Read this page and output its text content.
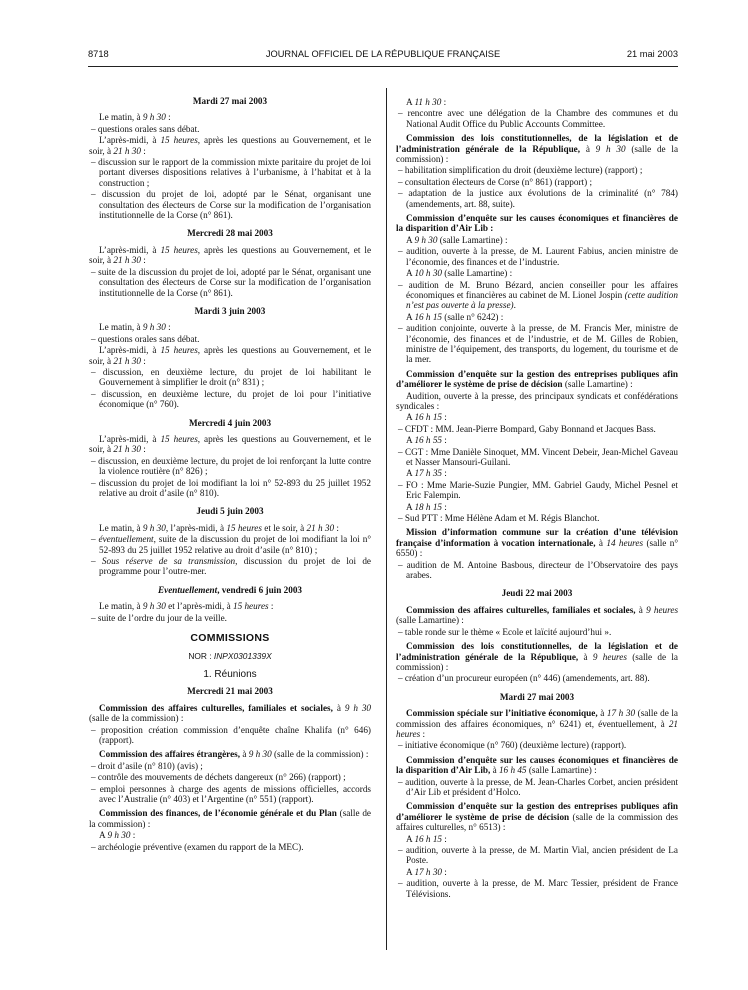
JOURNAL OFFICIEL DE LA RÉPUBLIQUE FRANÇAISE
8718	21 mai 2003
Mardi 27 mai 2003
Le matin, à 9 h 30 :
– questions orales sans débat.
L’après-midi, à 15 heures, après les questions au Gouvernement, et le soir, à 21 h 30 :
– discussion sur le rapport de la commission mixte paritaire du projet de loi portant diverses dispositions relatives à l’urbanisme, à l’habitat et à la construction ;
– discussion du projet de loi, adopté par le Sénat, organisant une consultation des électeurs de Corse sur la modification de l’organisation institutionnelle de la Corse (n° 861).
Mercredi 28 mai 2003
L’après-midi, à 15 heures, après les questions au Gouvernement, et le soir, à 21 h 30 :
– suite de la discussion du projet de loi, adopté par le Sénat, organisant une consultation des électeurs de Corse sur la modification de l’organisation institutionnelle de la Corse (n° 861).
Mardi 3 juin 2003
Le matin, à 9 h 30 :
– questions orales sans débat.
L’après-midi, à 15 heures, après les questions au Gouvernement, et le soir, à 21 h 30 :
– discussion, en deuxième lecture, du projet de loi habilitant le Gouvernement à simplifier le droit (n° 831) ;
– discussion, en deuxième lecture, du projet de loi pour l’initiative économique (n° 760).
Mercredi 4 juin 2003
L’après-midi, à 15 heures, après les questions au Gouvernement, et le soir, à 21 h 30 :
– discussion, en deuxième lecture, du projet de loi renforçant la lutte contre la violence routière (n° 826) ;
– discussion du projet de loi modifiant la loi n° 52-893 du 25 juillet 1952 relative au droit d’asile (n° 810).
Jeudi 5 juin 2003
Le matin, à 9 h 30, l’après-midi, à 15 heures et le soir, à 21 h 30 :
– éventuellement, suite de la discussion du projet de loi modifiant la loi n° 52-893 du 25 juillet 1952 relative au droit d’asile (n° 810) ;
– Sous réserve de sa transmission, discussion du projet de loi de programme pour l’outre-mer.
Eventuellement, vendredi 6 juin 2003
Le matin, à 9 h 30 et l’après-midi, à 15 heures :
– suite de l’ordre du jour de la veille.
COMMISSIONS
NOR : INPX0301339X
1. Réunions
Mercredi 21 mai 2003
Commission des affaires culturelles, familiales et sociales, à 9 h 30 (salle de la commission) :
– proposition création commission d’enquête chaîne Khalifa (n° 646) (rapport).
Commission des affaires étrangères, à 9 h 30 (salle de la commission) :
– droit d’asile (n° 810) (avis) ;
– contrôle des mouvements de déchets dangereux (n° 266) (rapport) ;
– emploi personnes à charge des agents de missions officielles, accords avec l’Australie (n° 403) et l’Argentine (n° 551) (rapport).
Commission des finances, de l’économie générale et du Plan (salle de la commission) :
A 9 h 30 :
– archéologie préventive (examen du rapport de la MEC).
A 11 h 30 :
– rencontre avec une délégation de la Chambre des communes et du National Audit Office du Public Accounts Committee.
Commission des lois constitutionnelles, de la législation et de l’administration générale de la République, à 9 h 30 (salle de la commission) :
– habilitation simplification du droit (deuxième lecture) (rapport) ;
– consultation électeurs de Corse (n° 861) (rapport) ;
– adaptation de la justice aux évolutions de la criminalité (n° 784) (amendements, art. 88, suite).
Commission d’enquête sur les causes économiques et financières de la disparition d’Air Lib :
A 9 h 30 (salle Lamartine) :
– audition, ouverte à la presse, de M. Laurent Fabius, ancien ministre de l’économie, des finances et de l’industrie.
A 10 h 30 (salle Lamartine) :
– audition de M. Bruno Bézard, ancien conseiller pour les affaires économiques et financières au cabinet de M. Lionel Jospin (cette audition n’est pas ouverte à la presse).
A 16 h 15 (salle n° 6242) :
– audition conjointe, ouverte à la presse, de M. Francis Mer, ministre de l’économie, des finances et de l’industrie, et de M. Gilles de Robien, ministre de l’équipement, des transports, du logement, du tourisme et de la mer.
Commission d’enquête sur la gestion des entreprises publiques afin d’améliorer le système de prise de décision (salle Lamartine) :
Audition, ouverte à la presse, des principaux syndicats et confédérations syndicales :
A 16 h 15 :
– CFDT : MM. Jean-Pierre Bompard, Gaby Bonnand et Jacques Bass.
A 16 h 55 :
– CGT : Mme Danièle Sinoquet, MM. Vincent Debeir, Jean-Michel Gaveau et Nasser Mansouri-Guilani.
A 17 h 35 :
– FO : Mme Marie-Suzie Pungier, MM. Gabriel Gaudy, Michel Pesnel et Eric Falempin.
A 18 h 15 :
– Sud PTT : Mme Hélène Adam et M. Régis Blanchot.
Mission d’information commune sur la création d’une télévision française d’information à vocation internationale, à 14 heures (salle n° 6550) :
– audition de M. Antoine Basbous, directeur de l’Observatoire des pays arabes.
Jeudi 22 mai 2003
Commission des affaires culturelles, familiales et sociales, à 9 heures (salle Lamartine) :
– table ronde sur le thème « Ecole et laïcité aujourd’hui ».
Commission des lois constitutionnelles, de la législation et de l’administration générale de la République, à 9 heures (salle de la commission) :
– création d’un procureur européen (n° 446) (amendements, art. 88).
Mardi 27 mai 2003
Commission spéciale sur l’initiative économique, à 17 h 30 (salle de la commission des affaires économiques, n° 6241) et, éventuellement, à 21 heures :
– initiative économique (n° 760) (deuxième lecture) (rapport).
Commission d’enquête sur les causes économiques et financières de la disparition d’Air Lib, à 16 h 45 (salle Lamartine) :
– audition, ouverte à la presse, de M. Jean-Charles Corbet, ancien président d’Air Lib et président d’Holco.
Commission d’enquête sur la gestion des entreprises publiques afin d’améliorer le système de prise de décision (salle de la commission des affaires culturelles, n° 6513) :
A 16 h 15 :
– audition, ouverte à la presse, de M. Martin Vial, ancien président de La Poste.
A 17 h 30 :
– audition, ouverte à la presse, de M. Marc Tessier, président de France Télévisions.
